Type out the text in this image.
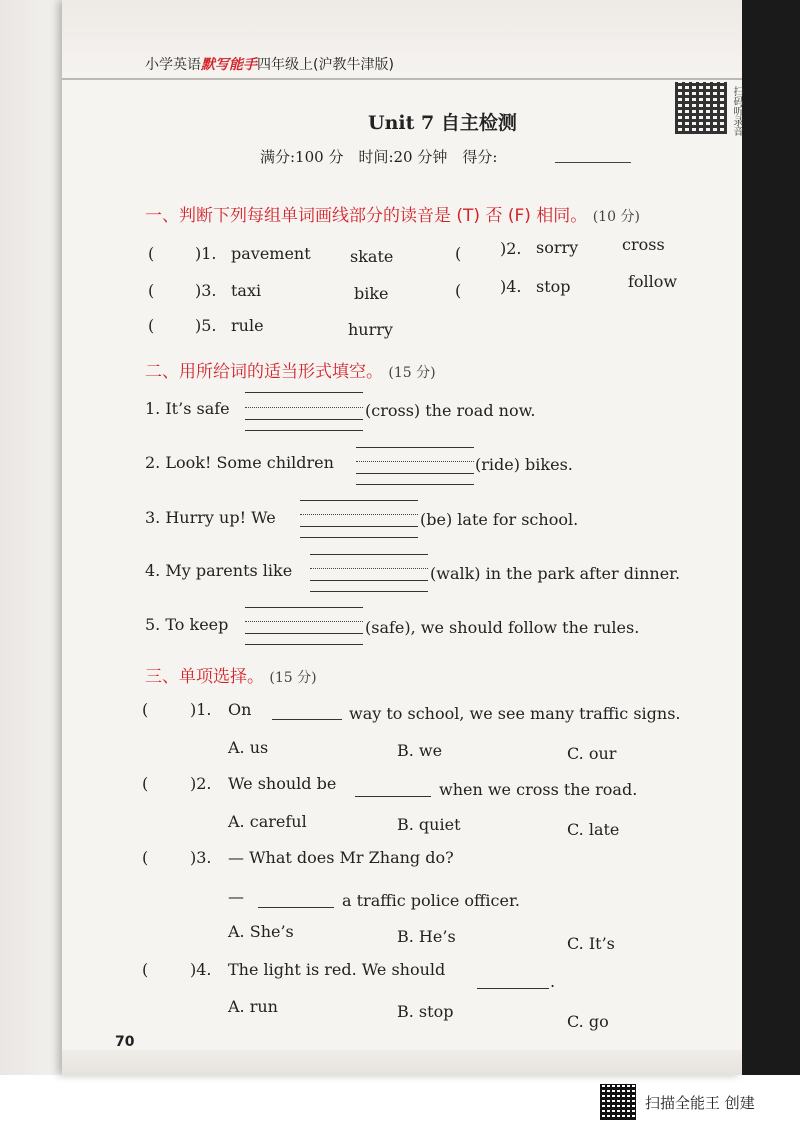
小学英语默写能手四年级上(沪教牛津版)
扫码听录音
Unit 7 自主检测
满分:100 分　时间:20 分钟　得分:
一、判断下列每组单词画线部分的读音是 (T) 否 (F) 相同。 (10 分)
(	)1. pavement skate	( )2. sorry	cross
(	)3. taxi	bike	( )4. stop	follow
(	)5. rule	hurry
二、用所给词的适当形式填空。 (15 分)
1. It’s safe	(cross) the road now.
2. Look! Some children	(ride) bikes.
3. Hurry up! We	(be) late for school.
4. My parents like	(walk) in the park after dinner.
5. To keep	(safe), we should follow the rules.
三、单项选择。 (15 分)
(	)1. On	way to school, we see many traffic signs.
A. us	B. we	C. our
(	)2. We should be	when we cross the road.
A. careful	B. quiet	C. late
(	)3. — What does Mr Zhang do?
—	a traffic police officer.
A. She’s	B. He’s	C. It’s
(	)4. The light is red. We should
.
A. run	B. stop
C. go
70
扫描全能王 创建
